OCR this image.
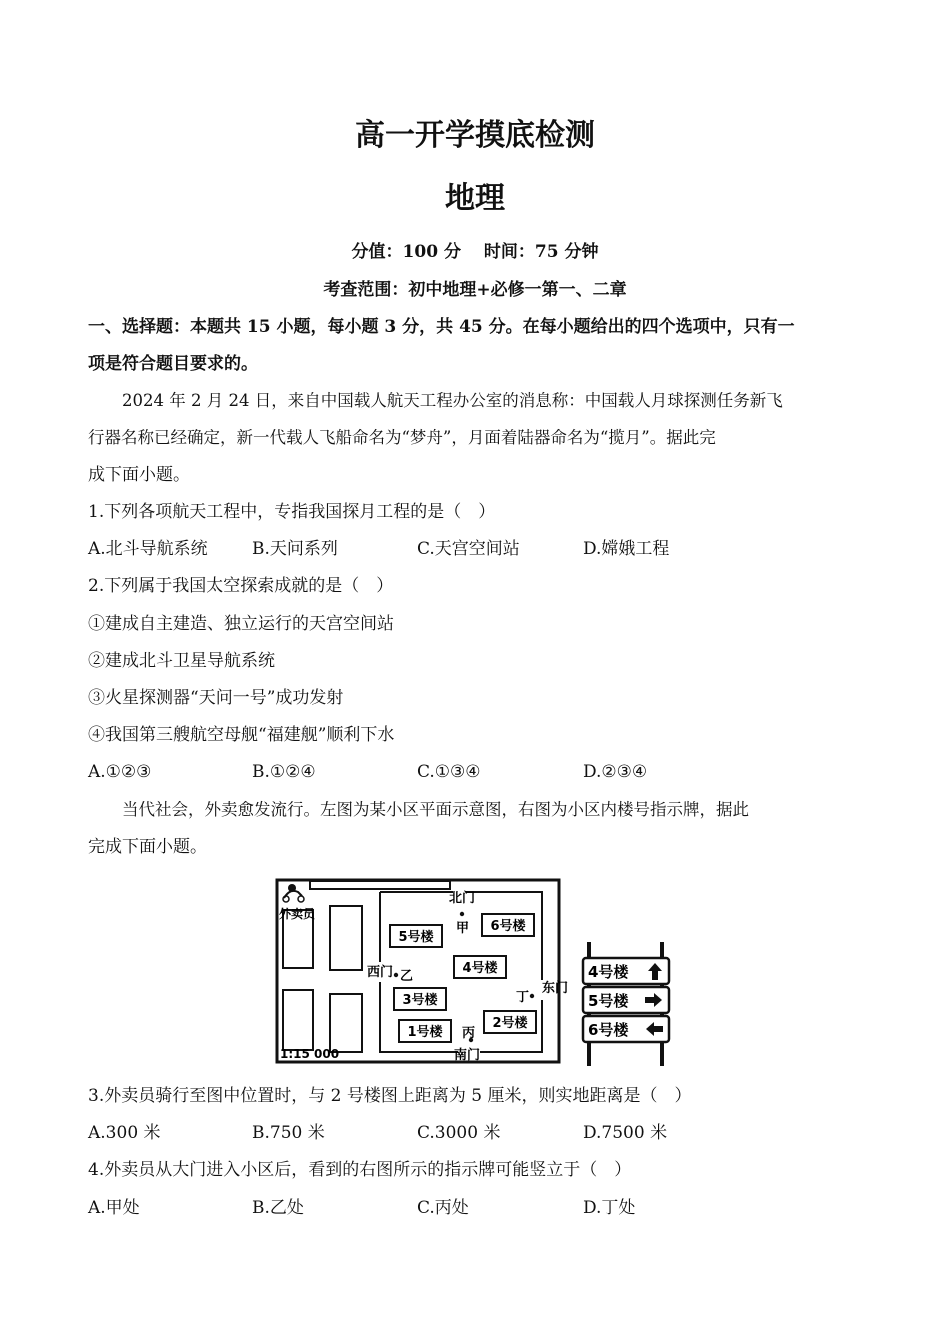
高一开学摸底检测
地理
分值：100 分　 时间：75 分钟
考查范围：初中地理+必修一第一、二章
一、选择题：本题共 15 小题，每小题 3 分，共 45 分。在每小题给出的四个选项中，只有一
项是符合题目要求的。
2024 年 2 月 24 日，来自中国载人航天工程办公室的消息称：中国载人月球探测任务新飞
行器名称已经确定，新一代载人飞船命名为“梦舟”，月面着陆器命名为“揽月”。据此完
成下面小题。
1.下列各项航天工程中，专指我国探月工程的是（　）
A.北斗导航系统	B.天问系列	C.天宫空间站	D.嫦娥工程
2.下列属于我国太空探索成就的是（　）
①建成自主建造、独立运行的天宫空间站
②建成北斗卫星导航系统
③火星探测器“天问一号”成功发射
④我国第三艘航空母舰“福建舰”顺利下水
A.①②③	B.①②④	C.①③④	D.②③④
当代社会，外卖愈发流行。左图为某小区平面示意图，右图为小区内楼号指示牌，据此
完成下面小题。
外卖员
北门
南门
西门
东门
甲
乙
丙
丁
5号楼
6号楼
4号楼
3号楼
1号楼
2号楼
1:15 000
4号楼
5号楼
6号楼
3.外卖员骑行至图中位置时，与 2 号楼图上距离为 5 厘米，则实地距离是（　）
A.300 米	B.750 米	C.3000 米	D.7500 米
4.外卖员从大门进入小区后，看到的右图所示的指示牌可能竖立于（　）
A.甲处	B.乙处	C.丙处	D.丁处
